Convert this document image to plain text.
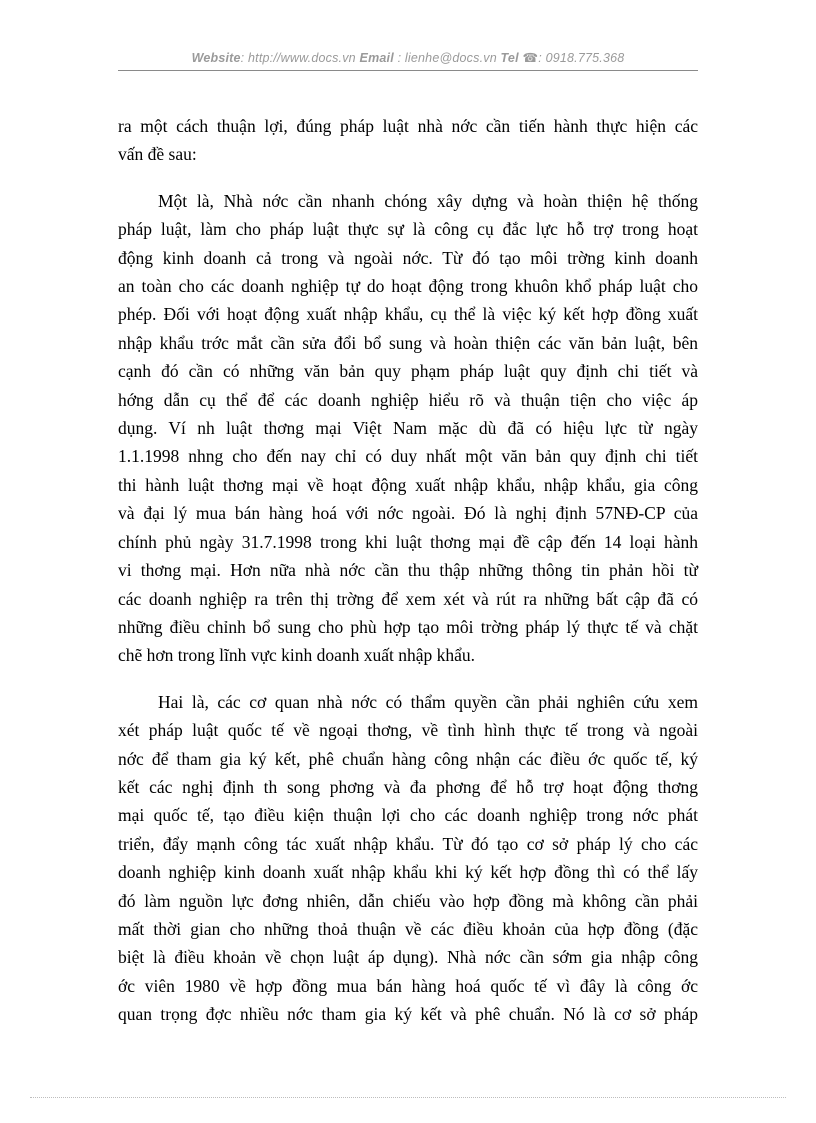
Website: http://www.docs.vn Email : lienhe@docs.vn Tel ☎: 0918.775.368

ra một cách thuận lợi, đúng pháp luật nhà nớc cần tiến hành thực hiện các

vấn đề sau:

Một là, Nhà nớc cần nhanh chóng xây dựng và hoàn thiện hệ thống

pháp luật, làm cho pháp luật thực sự là công cụ đắc lực hỗ trợ trong hoạt

động kinh doanh cả trong và ngoài nớc. Từ đó tạo môi trờng kinh doanh

an toàn cho các doanh nghiệp tự do hoạt động trong khuôn khổ pháp luật cho

phép. Đối với hoạt động xuất nhập khẩu, cụ thể là việc ký kết hợp đồng xuất

nhập khẩu trớc mắt cần sửa đổi bổ sung và hoàn thiện các văn bản luật, bên

cạnh đó cần có những văn bản quy phạm pháp luật quy định chi tiết và

hớng dẫn cụ thể để các doanh nghiệp hiểu rõ và thuận tiện cho việc áp

dụng. Ví nh luật thơng mại Việt Nam mặc dù đã có hiệu lực từ ngày

1.1.1998 nhng cho đến nay chỉ có duy nhất một văn bản quy định chi tiết

thi hành luật thơng mại về hoạt động xuất nhập khẩu, nhập khẩu, gia công

và đại lý mua bán hàng hoá với nớc ngoài. Đó là nghị định 57NĐ-CP của

chính phủ ngày 31.7.1998 trong khi luật thơng mại đề cập đến 14 loại hành

vi thơng mại. Hơn nữa nhà nớc cần thu thập những thông tin phản hồi từ

các doanh nghiệp ra trên thị trờng để xem xét và rút ra những bất cập đã có

những điều chỉnh bổ sung cho phù hợp tạo môi trờng pháp lý thực tế và chặt

chẽ hơn trong lĩnh vực kinh doanh xuất nhập khẩu.

Hai là, các cơ quan nhà nớc có thẩm quyền cần phải nghiên cứu xem

xét pháp luật quốc tế về ngoại thơng, về tình hình thực tế trong và ngoài

nớc để tham gia ký kết, phê chuẩn hàng công nhận các điều ớc quốc tế, ký

kết các nghị định th song phơng và đa phơng để hỗ trợ hoạt động thơng

mại quốc tế, tạo điều kiện thuận lợi cho các doanh nghiệp trong nớc phát

triển, đẩy mạnh công tác xuất nhập khẩu. Từ đó tạo cơ sở pháp lý cho các

doanh nghiệp kinh doanh xuất nhập khẩu khi ký kết hợp đồng thì có thể lấy

đó làm nguồn lực đơng nhiên, dẫn chiếu vào hợp đồng mà không cần phải

mất thời gian cho những thoả thuận về các điều khoản của hợp đồng (đặc

biệt là điều khoản về chọn luật áp dụng). Nhà nớc cần sớm gia nhập công

ớc viên 1980 về hợp đồng mua bán hàng hoá quốc tế vì đây là công ớc

quan trọng đợc nhiều nớc tham gia ký kết và phê chuẩn. Nó là cơ sở pháp
